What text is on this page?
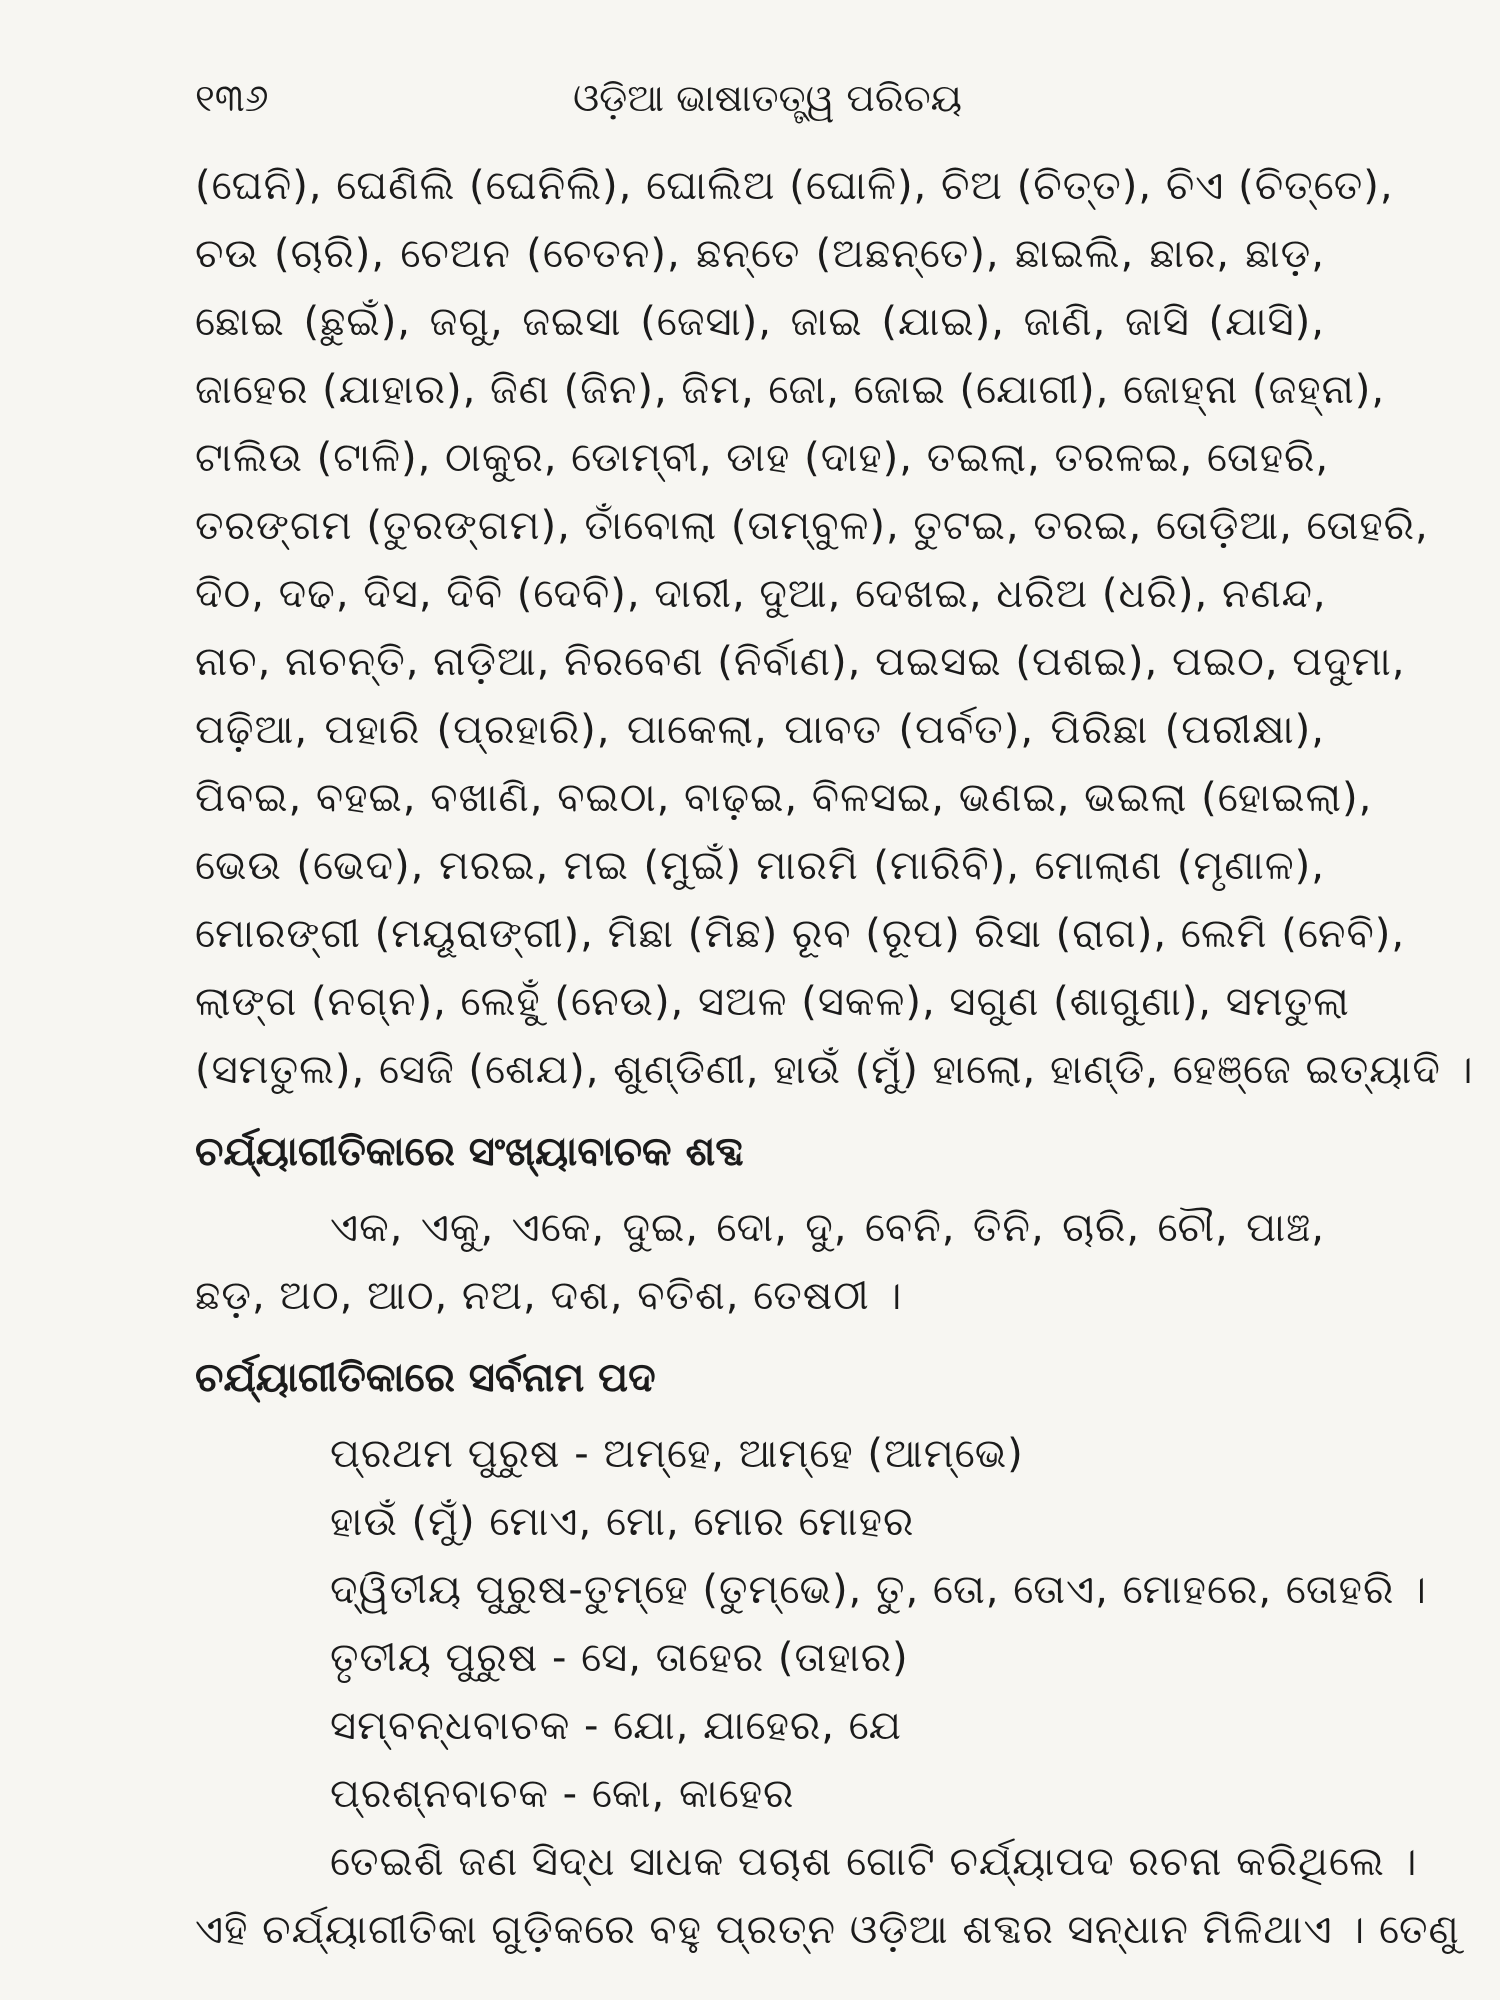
୧୩୬	ଓଡ଼ିଆ ଭାଷାତତ୍ତ୍ୱ ପରିଚୟ
(ଘେନି), ଘେଣିଲି (ଘେନିଲି), ଘୋଲିଅ (ଘୋଳି), ଚିଅ (ଚିତ୍ତ), ଚିଏ (ଚିତ୍ତେ),
ଚଉ (ଚାରି), ଚେଅନ (ଚେତନ), ଛନ୍ତେ (ଅଛନ୍ତେ), ଛାଇଲି, ଛାର, ଛାଡ଼,
ଛୋଇ (ଛୁଇଁ), ଜଗୁ, ଜଇସା (ଜେସା), ଜାଇ (ଯାଇ), ଜାଣି, ଜାସି (ଯାସି),
ଜାହେର (ଯାହାର), ଜିଣ (ଜିନ), ଜିମ, ଜୋ, ଜୋଇ (ଯୋଗୀ), ଜୋହ୍ନା (ଜହ୍ନା),
ଟାଲିଉ (ଟାଳି), ଠାକୁର, ଡୋମ୍ବୀ, ଡାହ (ଦାହ), ତଇଲା, ତରଳଇ, ତୋହରି,
ତରଙ୍ଗମ (ତୁରଙ୍ଗମ), ତାଁବୋଲା (ତାମ୍ବୁଳ), ତୁଟଇ, ତରଇ, ତୋଡ଼ିଆ, ତୋହରି,
ଦିଠ, ଦଢ, ଦିସ, ଦିବି (ଦେବି), ଦାରୀ, ଦୁଆ, ଦେଖଇ, ଧରିଅ (ଧରି), ନଣନ୍ଦ,
ନାଚ, ନାଚନ୍ତି, ନାଡ଼ିଆ, ନିରବେଣ (ନିର୍ବାଣ), ପଇସଇ (ପଶଇ), ପଇଠ, ପଦୁମା,
ପଢ଼ିଆ, ପହାରି (ପ୍ରହାରି), ପାକେଲା, ପାବତ (ପର୍ବତ), ପିରିଛା (ପରୀକ୍ଷା),
ପିବଇ, ବହଇ, ବଖାଣି, ବଇଠା, ବାଢ଼ଇ, ବିଳସଇ, ଭଣଇ, ଭଇଲା (ହୋଇଲା),
ଭେଉ (ଭେଦ), ମରଇ, ମଇ (ମୁଇଁ) ମାରମି (ମାରିବି), ମୋଲାଣ (ମୃଣାଳ),
ମୋରଙ୍ଗୀ (ମୟୂରାଙ୍ଗୀ), ମିଛା (ମିଛ) ରୂବ (ରୂପ) ରିସା (ରାଗ), ଲେମି (ନେବି),
ଲାଙ୍ଗ (ନଗ୍ନ), ଲେହୁଁ (ନେଉ), ସଅଳ (ସକଳ), ସଗୁଣ (ଶାଗୁଣା), ସମତୁଲା
(ସମତୁଲ), ସେଜି (ଶେଯ), ଶୁଣ୍ଡିଣୀ, ହାଉଁ (ମୁଁ) ହାଲୋ, ହାଣ୍ଡି, ହେଞ୍ଜେ ଇତ୍ୟାଦି ।
ଚର୍ଯ୍ୟାଗୀତିକାରେ ସଂଖ୍ୟାବାଚକ ଶବ୍ଦ
ଏକ, ଏକୁ, ଏକେ, ଦୁଇ, ଦୋ, ଦୁ, ବେନି, ତିନି, ଚାରି, ଚୌ, ପାଞ୍ଚ,
ଛଡ଼, ଅଠ, ଆଠ, ନଅ, ଦଶ, ବତିଶ, ତେଷଠୀ ।
ଚର୍ଯ୍ୟାଗୀତିକାରେ ସର୍ବନାମ ପଦ
ପ୍ରଥମ ପୁରୁଷ - ଅମ୍ହେ, ଆମ୍ହେ (ଆମ୍ଭେ)
ହାଉଁ (ମୁଁ) ମୋଏ, ମୋ, ମୋର ମୋହର
ଦ୍ୱିତୀୟ ପୁରୁଷ-ତୁମ୍ହେ (ତୁମ୍ଭେ), ତୁ, ତୋ, ତୋଏ, ମୋହରେ, ତୋହରି ।
ତୃତୀୟ ପୁରୁଷ - ସେ, ତାହେର (ତାହାର)
ସମ୍ବନ୍ଧବାଚକ - ଯୋ, ଯାହେର, ଯେ
ପ୍ରଶ୍ନବାଚକ - କୋ, କାହେର
ତେଇଶି ଜଣ ସିଦ୍ଧ ସାଧକ ପଚାଶ ଗୋଟି ଚର୍ଯ୍ୟାପଦ ରଚନା କରିଥିଲେ ।
ଏହି ଚର୍ଯ୍ୟାଗୀତିକା ଗୁଡ଼ିକରେ ବହୁ ପ୍ରତ୍ନ ଓଡ଼ିଆ ଶବ୍ଦର ସନ୍ଧାନ ମିଳିଥାଏ । ତେଣୁ
